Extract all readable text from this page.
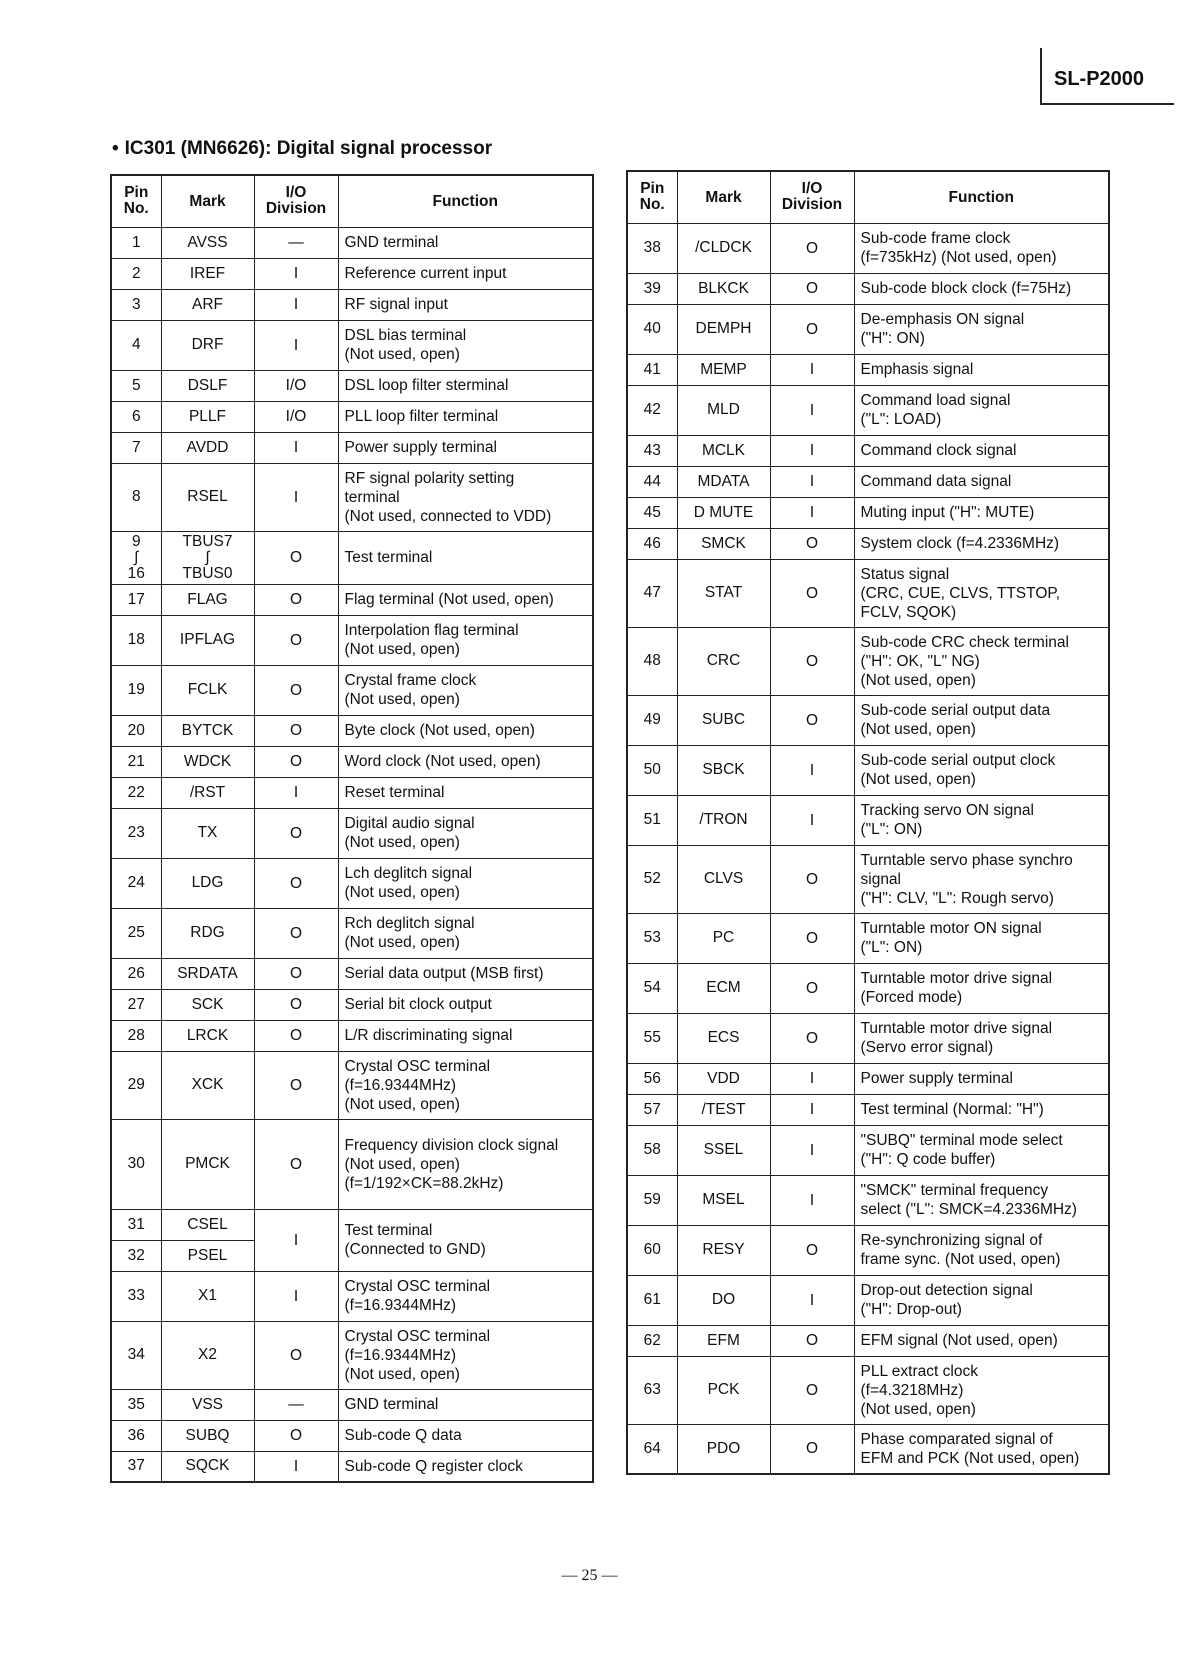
SL-P2000
• IC301 (MN6626): Digital signal processor
Pin
No.	Mark	I/O
Division	Function

1	AVSS	—	GND terminal

2	IREF	I	Reference current input

3	ARF	I	RF signal input

4	DRF	I	DSL bias terminal
(Not used, open)

5	DSLF	I/O	DSL loop filter sterminal

6	PLLF	I/O	PLL loop filter terminal

7	AVDD	I	Power supply terminal

8	RSEL	I	RF signal polarity setting
terminal
(Not used, connected to VDD)

9
∫
16	TBUS7
∫
TBUS0	O	Test terminal

17	FLAG	O	Flag terminal (Not used, open)

18	IPFLAG	O	Interpolation flag terminal
(Not used, open)

19	FCLK	O	Crystal frame clock
(Not used, open)

20	BYTCK	O	Byte clock (Not used, open)

21	WDCK	O	Word clock (Not used, open)

22	/RST	I	Reset terminal

23	TX	O	Digital audio signal
(Not used, open)

24	LDG	O	Lch deglitch signal
(Not used, open)

25	RDG	O	Rch deglitch signal
(Not used, open)

26	SRDATA	O	Serial data output (MSB first)

27	SCK	O	Serial bit clock output

28	LRCK	O	L/R discriminating signal

29	XCK	O	Crystal OSC terminal
(f=16.9344MHz)
(Not used, open)

30	PMCK	O	Frequency division clock signal
(Not used, open)
(f=1/192×CK=88.2kHz)

31	CSEL	I	Test terminal
(Connected to GND)

32	PSEL		

33	X1	I	Crystal OSC terminal
(f=16.9344MHz)

34	X2	O	Crystal OSC terminal
(f=16.9344MHz)
(Not used, open)

35	VSS	—	GND terminal

36	SUBQ	O	Sub-code Q data

37	SQCK	I	Sub-code Q register clock
Pin
No.	Mark	I/O
Division	Function

38	/CLDCK	O	Sub-code frame clock
(f=735kHz) (Not used, open)

39	BLKCK	O	Sub-code block clock (f=75Hz)

40	DEMPH	O	De-emphasis ON signal
("H": ON)

41	MEMP	I	Emphasis signal

42	MLD	I	Command load signal
("L": LOAD)

43	MCLK	I	Command clock signal

44	MDATA	I	Command data signal

45	D MUTE	I	Muting input ("H": MUTE)

46	SMCK	O	System clock (f=4.2336MHz)

47	STAT	O	Status signal
(CRC, CUE, CLVS, TTSTOP,
FCLV, SQOK)

48	CRC	O	Sub-code CRC check terminal
("H": OK, "L" NG)
(Not used, open)

49	SUBC	O	Sub-code serial output data
(Not used, open)

50	SBCK	I	Sub-code serial output clock
(Not used, open)

51	/TRON	I	Tracking servo ON signal
("L": ON)

52	CLVS	O	Turntable servo phase synchro
signal
("H": CLV, "L": Rough servo)

53	PC	O	Turntable motor ON signal
("L": ON)

54	ECM	O	Turntable motor drive signal
(Forced mode)

55	ECS	O	Turntable motor drive signal
(Servo error signal)

56	VDD	I	Power supply terminal

57	/TEST	I	Test terminal (Normal: "H")

58	SSEL	I	"SUBQ" terminal mode select
("H": Q code buffer)

59	MSEL	I	"SMCK" terminal frequency
select ("L": SMCK=4.2336MHz)

60	RESY	O	Re-synchronizing signal of
frame sync. (Not used, open)

61	DO	I	Drop-out detection signal
("H": Drop-out)

62	EFM	O	EFM signal (Not used, open)

63	PCK	O	PLL extract clock
(f=4.3218MHz)
(Not used, open)

64	PDO	O	Phase comparated signal of
EFM and PCK (Not used, open)
— 25 —
